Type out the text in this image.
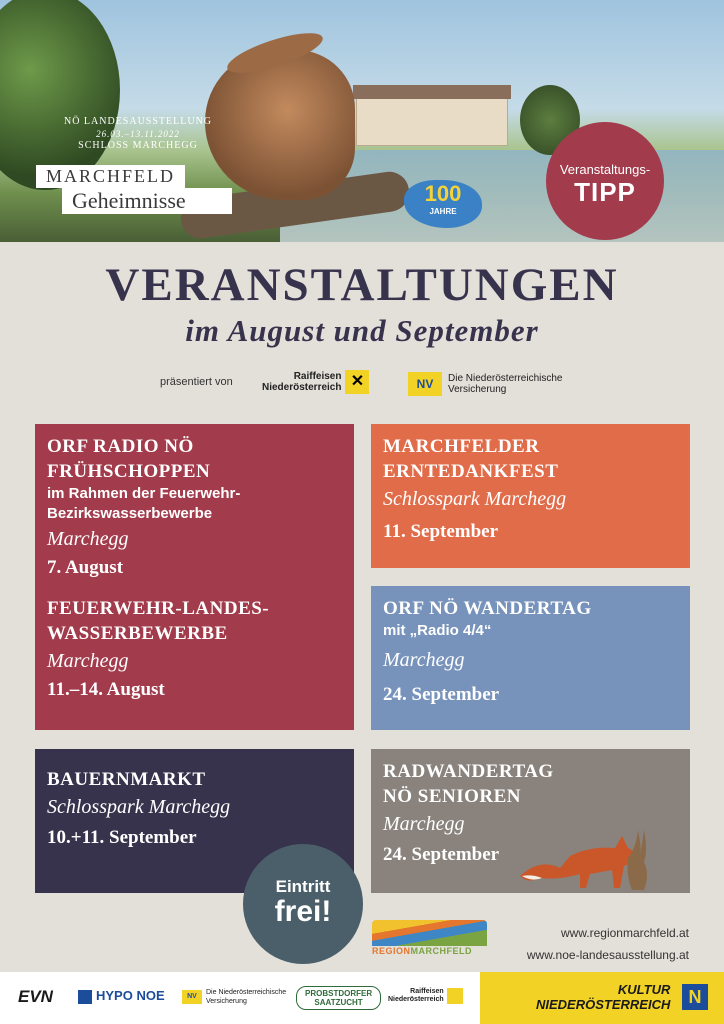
NÖ LANDESAUSSTELLUNG
26.03.–13.11.2022
SCHLOSS MARCHEGG
MARCHFELD
Geheimnisse	100
JAHRE
Veranstaltungs-
TIPP
VERANSTALTUNGEN
im August und September
präsentiert von	Raiffeisen
Niederösterreich ✕	NV Die Niederösterreichische
Versicherung
ORF RADIO NÖ
FRÜHSCHOPPEN
im Rahmen der Feuerwehr-
Bezirkswasserbewerbe
Marchegg
7. August
FEUERWEHR-LANDES-
WASSERBEWERBE
Marchegg
11.–14. August
MARCHFELDER
ERNTEDANKFEST
Schlosspark Marchegg
11. September
ORF NÖ WANDERTAG
mit „Radio 4/4“
Marchegg
24. September
BAUERNMARKT
Schlosspark Marchegg
10.+11. September
RADWANDERTAG
NÖ SENIOREN
Marchegg
24. September
Eintritt
frei!
REGIONMARCHFELD
www.regionmarchfeld.at
www.noe-landesausstellung.at
EVN	HYPO NOE	NVDie Niederösterreichische
Versicherung
PROBSTDORFER
SAATZUCHT
Raiffeisen
Niederösterreich
KULTUR
NIEDERÖSTERREICH	N
